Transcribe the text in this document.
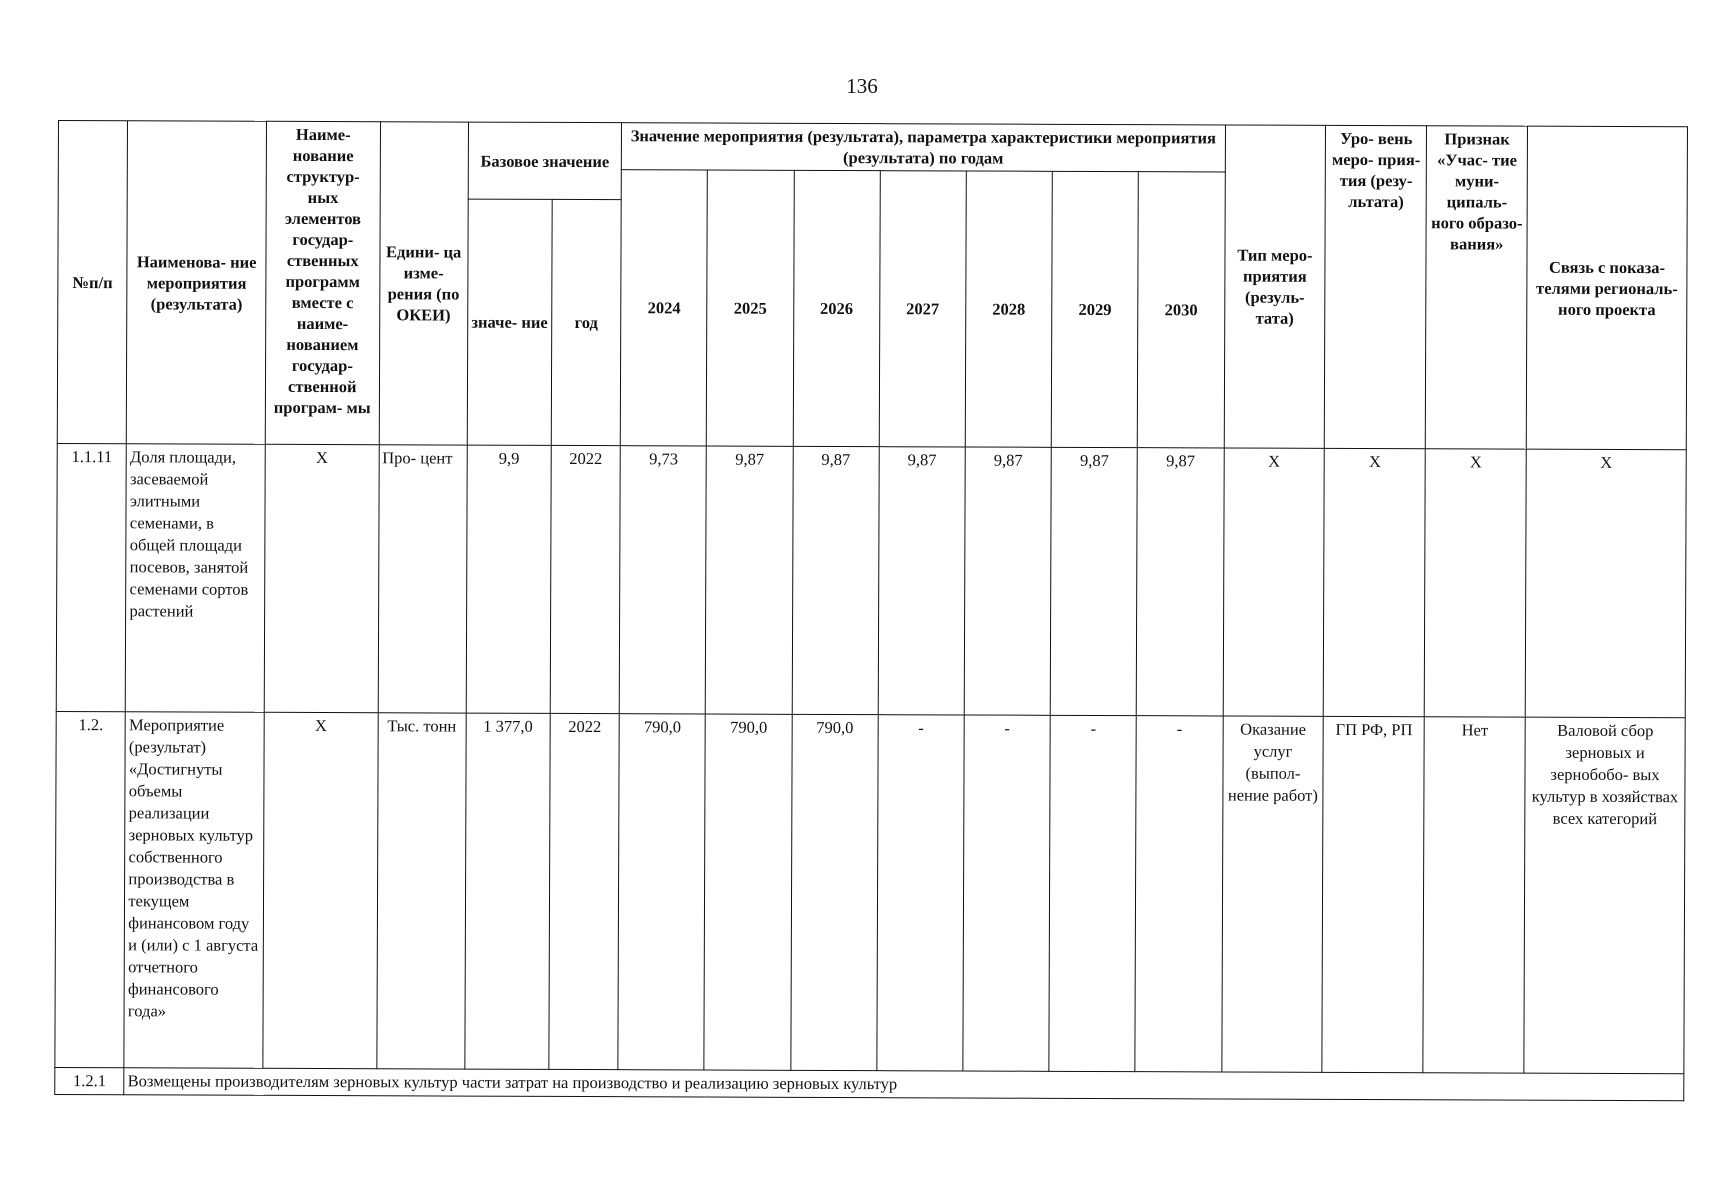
136
№п/п	Наименова- ние мероприятия (результата)	Наиме- нование структур- ных элементов государ- ственных программ вместе с наиме- нованием государ- ственной програм- мы	Едини- ца изме- рения (по ОКЕИ)	Базовое значение		Значение мероприятия (результата), параметра характеристики мероприятия (результата) по годам							Тип меро- приятия (резуль- тата)	Уро- вень меро- прия- тия (резу- льтата)	Признак «Учас- тие муни- ципаль- ного образо- вания»	Связь с показа- телями региональ- ного проекта
						2024	2025	2026	2027	2028	2029	2030				
				значе- ние	год											
1.1.11	Доля площади, засеваемой элитными семенами, в общей площади посевов, занятой семенами сортов растений	X	Про- цент	9,9	2022	9,73	9,87	9,87	9,87	9,87	9,87	9,87	X	X	X	X
1.2.	Мероприятие (результат) «Достигнуты объемы реализации зерновых культур собственного производства в текущем финансовом году и (или) с 1 августа отчетного финансового года»	X	Тыс. тонн	1 377,0	2022	790,0	790,0	790,0	-	-	-	-	Оказание услуг (выпол- нение работ)	ГП РФ, РП	Нет	Валовой сбор зерновых и зернобобо- вых культур в хозяйствах всех категорий
1.2.1	Возмещены производителям зерновых культур части затрат на производство и реализацию зерновых культур															
